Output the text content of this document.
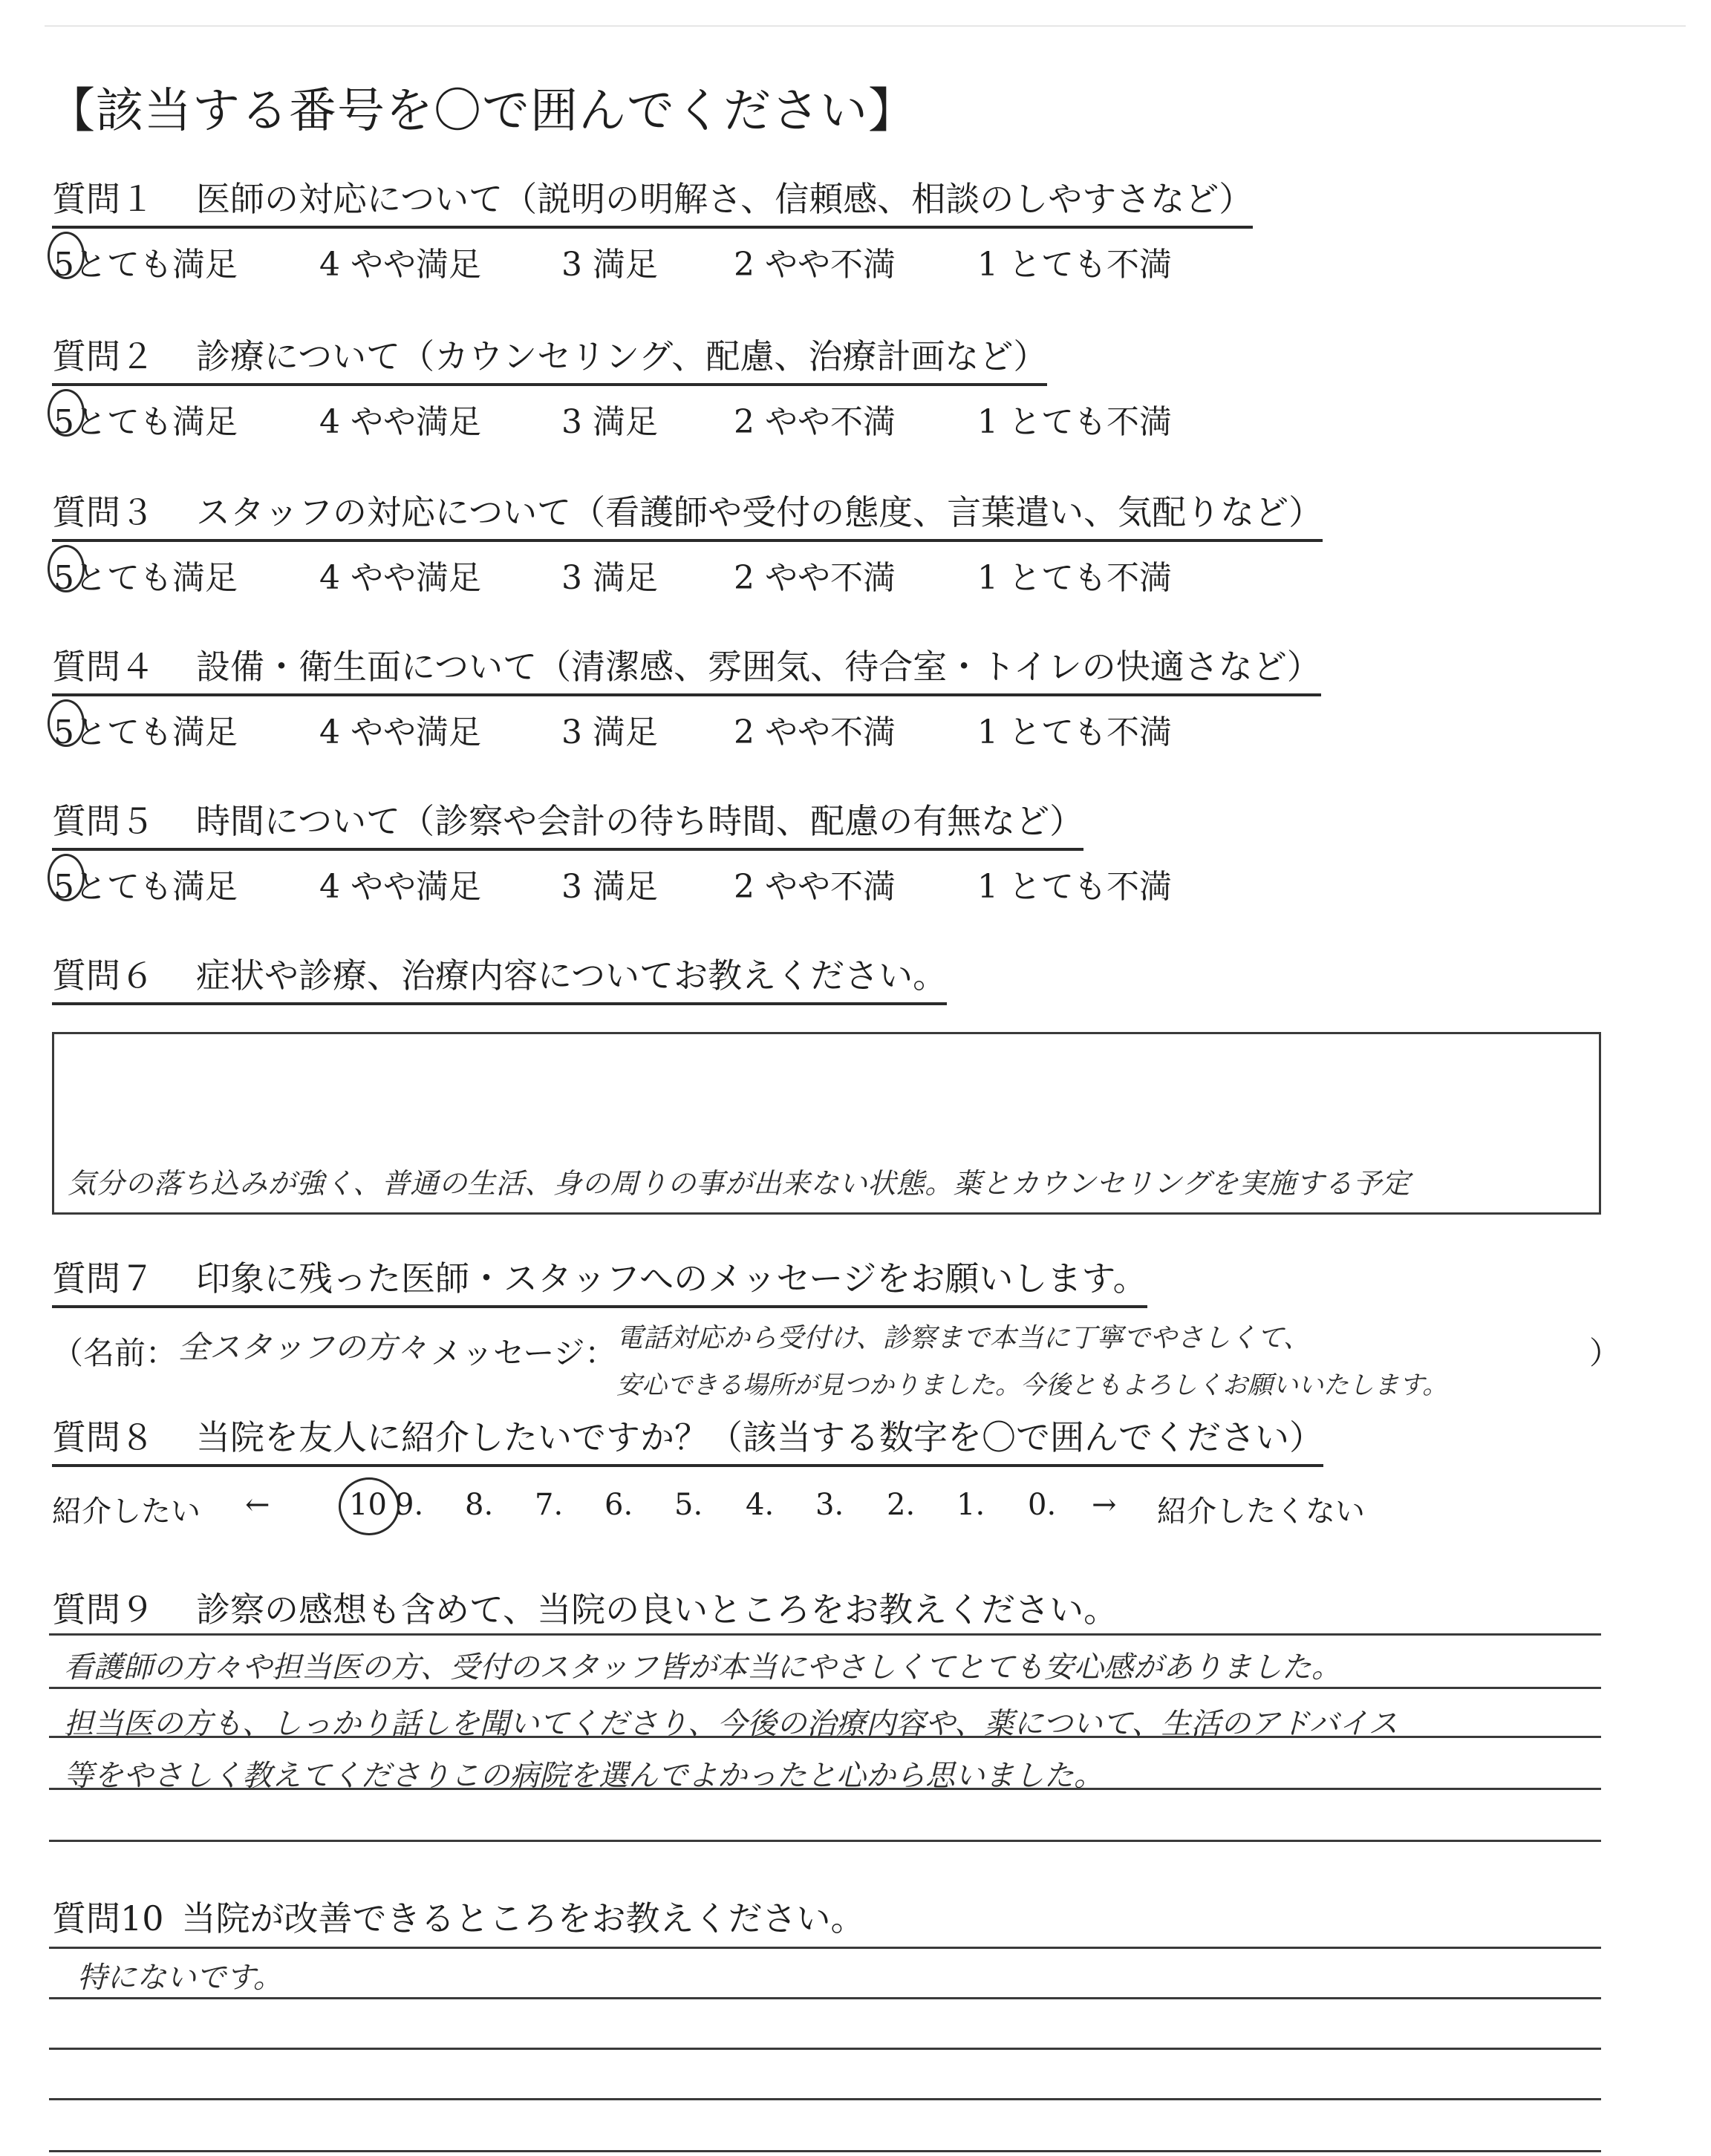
【該当する番号を〇で囲んでください】
質問１ 医師の対応について（説明の明解さ、信頼感、相談のしやすさなど）
5とても満足	4 やや満足 3 満足 2 やや不満	1 とても不満
質問２ 診療について（カウンセリング、配慮、治療計画など）
5とても満足	4 やや満足 3 満足 2 やや不満	1 とても不満
質問３ スタッフの対応について（看護師や受付の態度、言葉遣い、気配りなど）
5とても満足	4 やや満足 3 満足 2 やや不満	1 とても不満
質問４ 設備・衛生面について（清潔感、雰囲気、待合室・トイレの快適さなど）
5とても満足	4 やや満足 3 満足 2 やや不満	1 とても不満
質問５ 時間について（診察や会計の待ち時間、配慮の有無など）
5とても満足	4 やや満足 3 満足 2 やや不満	1 とても不満
質問６ 症状や診療、治療内容についてお教えください。
気分の落ち込みが強く、普通の生活、身の周りの事が出来ない状態。薬とカウンセリングを実施する予定
質問７ 印象に残った医師・スタッフへのメッセージをお願いします。
（名前： 全スタッフの方々 メッセージ： 電話対応から受付け、診察まで本当に丁寧でやさしくて、
安心できる場所が見つかりました。今後ともよろしくお願いいたします。
）
質問８ 当院を友人に紹介したいですか？（該当する数字を〇で囲んでください）
紹介したい ←	10 9. 8. 7. 6. 5. 4. 3. 2. 1. 0. → 紹介したくない
質問９ 診察の感想も含めて、当院の良いところをお教えください。
看護師の方々や担当医の方、受付のスタッフ皆が本当にやさしくてとても安心感がありました。
担当医の方も、しっかり話しを聞いてくださり、今後の治療内容や、薬について、生活のアドバイス
等をやさしく教えてくださりこの病院を選んでよかったと心から思いました。
質問10 当院が改善できるところをお教えください。
特にないです。
